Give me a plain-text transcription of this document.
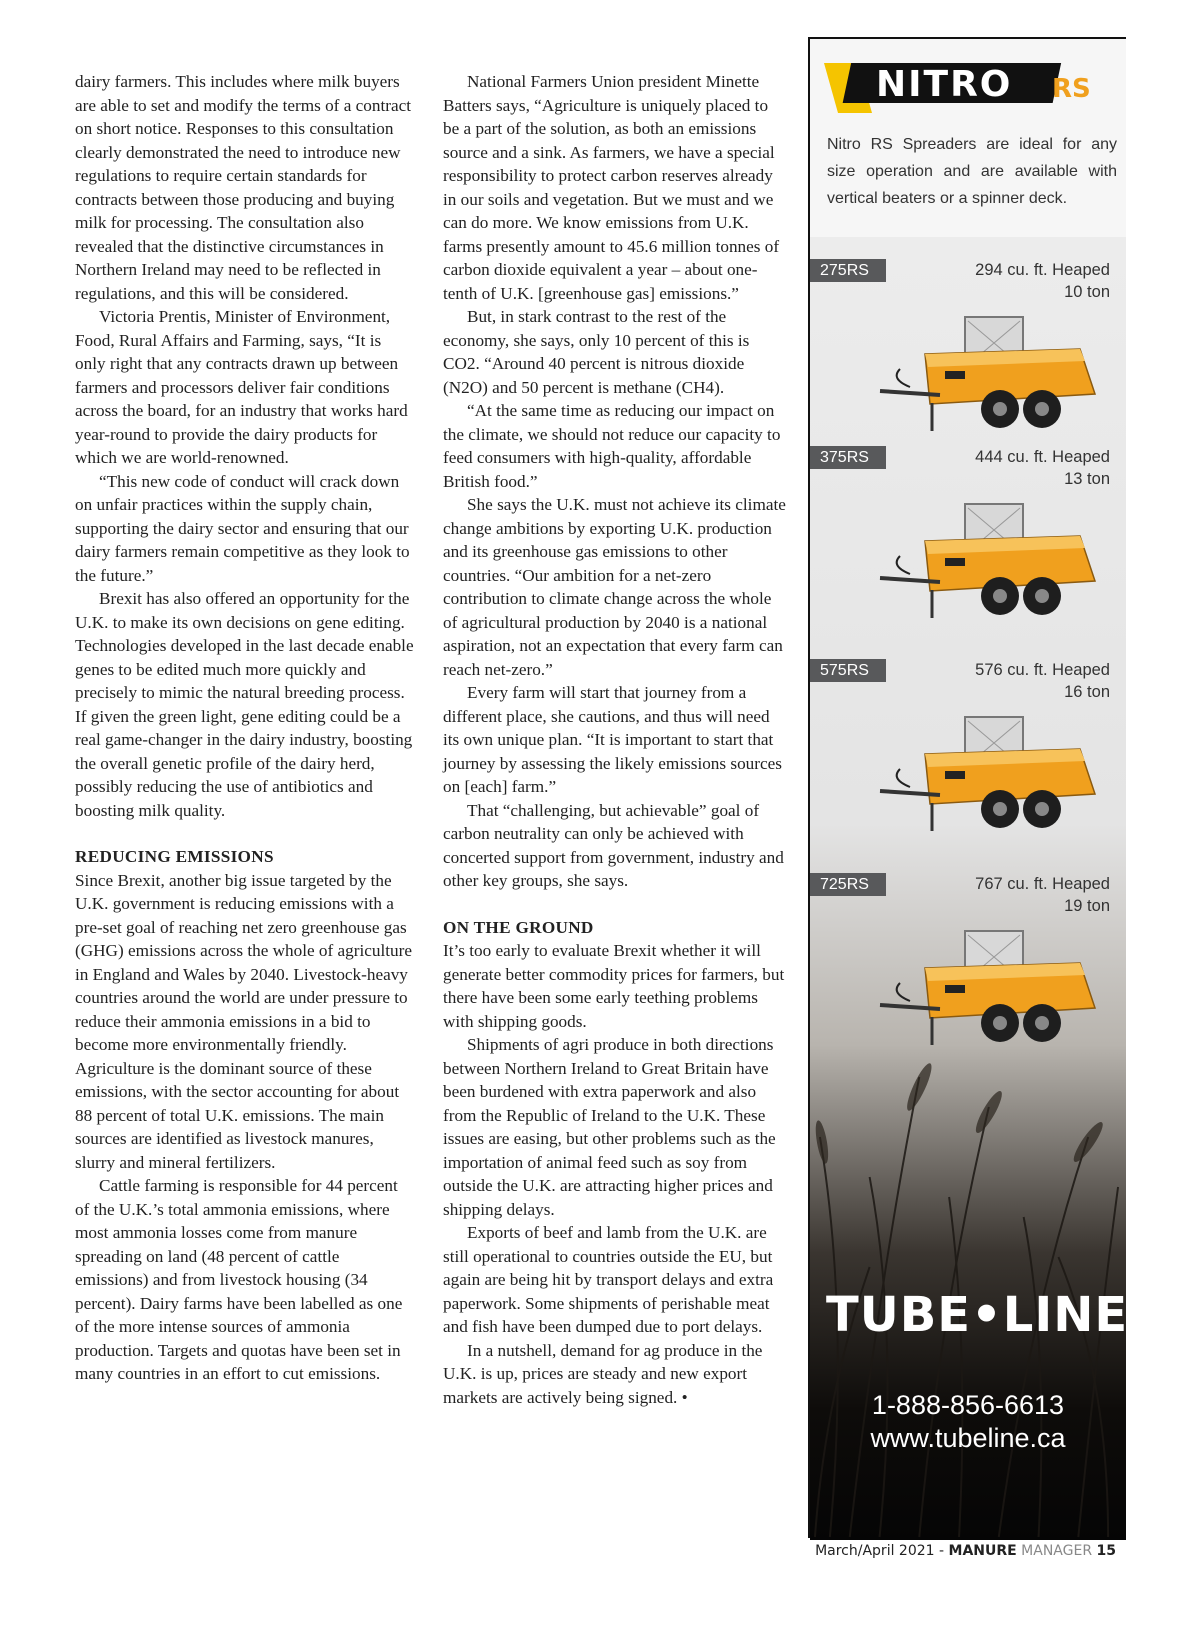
dairy farmers. This includes where milk buyers are able to set and modify the terms of a contract on short notice. Responses to this consultation clearly demonstrated the need to introduce new regulations to require certain standards for contracts between those producing and buying milk for processing. The consultation also revealed that the distinctive circumstances in Northern Ireland may need to be reflected in regulations, and this will be considered.

Victoria Prentis, Minister of Environment, Food, Rural Affairs and Farming, says, “It is only right that any contracts drawn up between farmers and processors deliver fair conditions across the board, for an industry that works hard year-round to provide the dairy products for which we are world-renowned.

“This new code of conduct will crack down on unfair practices within the supply chain, supporting the dairy sector and ensuring that our dairy farmers remain competitive as they look to the future.”

Brexit has also offered an opportunity for the U.K. to make its own decisions on gene editing. Technologies developed in the last decade enable genes to be edited much more quickly and precisely to mimic the natural breeding process. If given the green light, gene editing could be a real game-changer in the dairy industry, boosting the overall genetic profile of the dairy herd, possibly reducing the use of antibiotics and boosting milk quality.

REDUCING EMISSIONS

Since Brexit, another big issue targeted by the U.K. government is reducing emissions with a pre-set goal of reaching net zero greenhouse gas (GHG) emissions across the whole of agriculture in England and Wales by 2040. Livestock-heavy countries around the world are under pressure to reduce their ammonia emissions in a bid to become more environmentally friendly. Agriculture is the dominant source of these emissions, with the sector accounting for about 88 percent of total U.K. emissions. The main sources are identified as livestock manures, slurry and mineral fertilizers.

Cattle farming is responsible for 44 percent of the U.K.’s total ammonia emissions, where most ammonia losses come from manure spreading on land (48 percent of cattle emissions) and from livestock housing (34 percent). Dairy farms have been labelled as one of the more intense sources of ammonia production. Targets and quotas have been set in many countries in an effort to cut emissions.

National Farmers Union president Minette Batters says, “Agriculture is uniquely placed to be a part of the solution, as both an emissions source and a sink. As farmers, we have a special responsibility to protect carbon reserves already in our soils and vegetation. But we must and we can do more. We know emissions from U.K. farms presently amount to 45.6 million tonnes of carbon dioxide equivalent a year – about one-tenth of U.K. [greenhouse gas] emissions.”

But, in stark contrast to the rest of the economy, she says, only 10 percent of this is CO2. “Around 40 percent is nitrous dioxide (N2O) and 50 percent is methane (CH4).

“At the same time as reducing our impact on the climate, we should not reduce our capacity to feed consumers with high-quality, affordable British food.”

She says the U.K. must not achieve its climate change ambitions by exporting U.K. production and its greenhouse gas emissions to other countries. “Our ambition for a net-zero contribution to climate change across the whole of agricultural production by 2040 is a national aspiration, not an expectation that every farm can reach net-zero.”

Every farm will start that journey from a different place, she cautions, and thus will need its own unique plan. “It is important to start that journey by assessing the likely emissions sources on [each] farm.”

That “challenging, but achievable” goal of carbon neutrality can only be achieved with concerted support from government, industry and other key groups, she says.

ON THE GROUND

It’s too early to evaluate Brexit whether it will generate better commodity prices for farmers, but there have been some early teething problems with shipping goods.

Shipments of agri produce in both directions between Northern Ireland to Great Britain have been burdened with extra paperwork and also from the Republic of Ireland to the U.K. These issues are easing, but other problems such as the importation of animal feed such as soy from outside the U.K. are attracting higher prices and shipping delays.

Exports of beef and lamb from the U.K. are still operational to countries outside the EU, but again are being hit by transport delays and extra paperwork. Some shipments of perishable meat and fish have been dumped due to port delays.

In a nutshell, demand for ag produce in the U.K. is up, prices are steady and new export markets are actively being signed. •

NITRO RS
Nitro RS Spreaders are ideal for any size operation and are available with vertical beaters or a spinner deck.
275RS	294 cu. ft. Heaped
10 ton
375RS	444 cu. ft. Heaped
13 ton
575RS	576 cu. ft. Heaped
16 ton
725RS	767 cu. ft. Heaped
19 ton
TUBE•LINE™
1-888-856-6613
www.tubeline.ca
March/April 2021 - MANURE MANAGER 15
